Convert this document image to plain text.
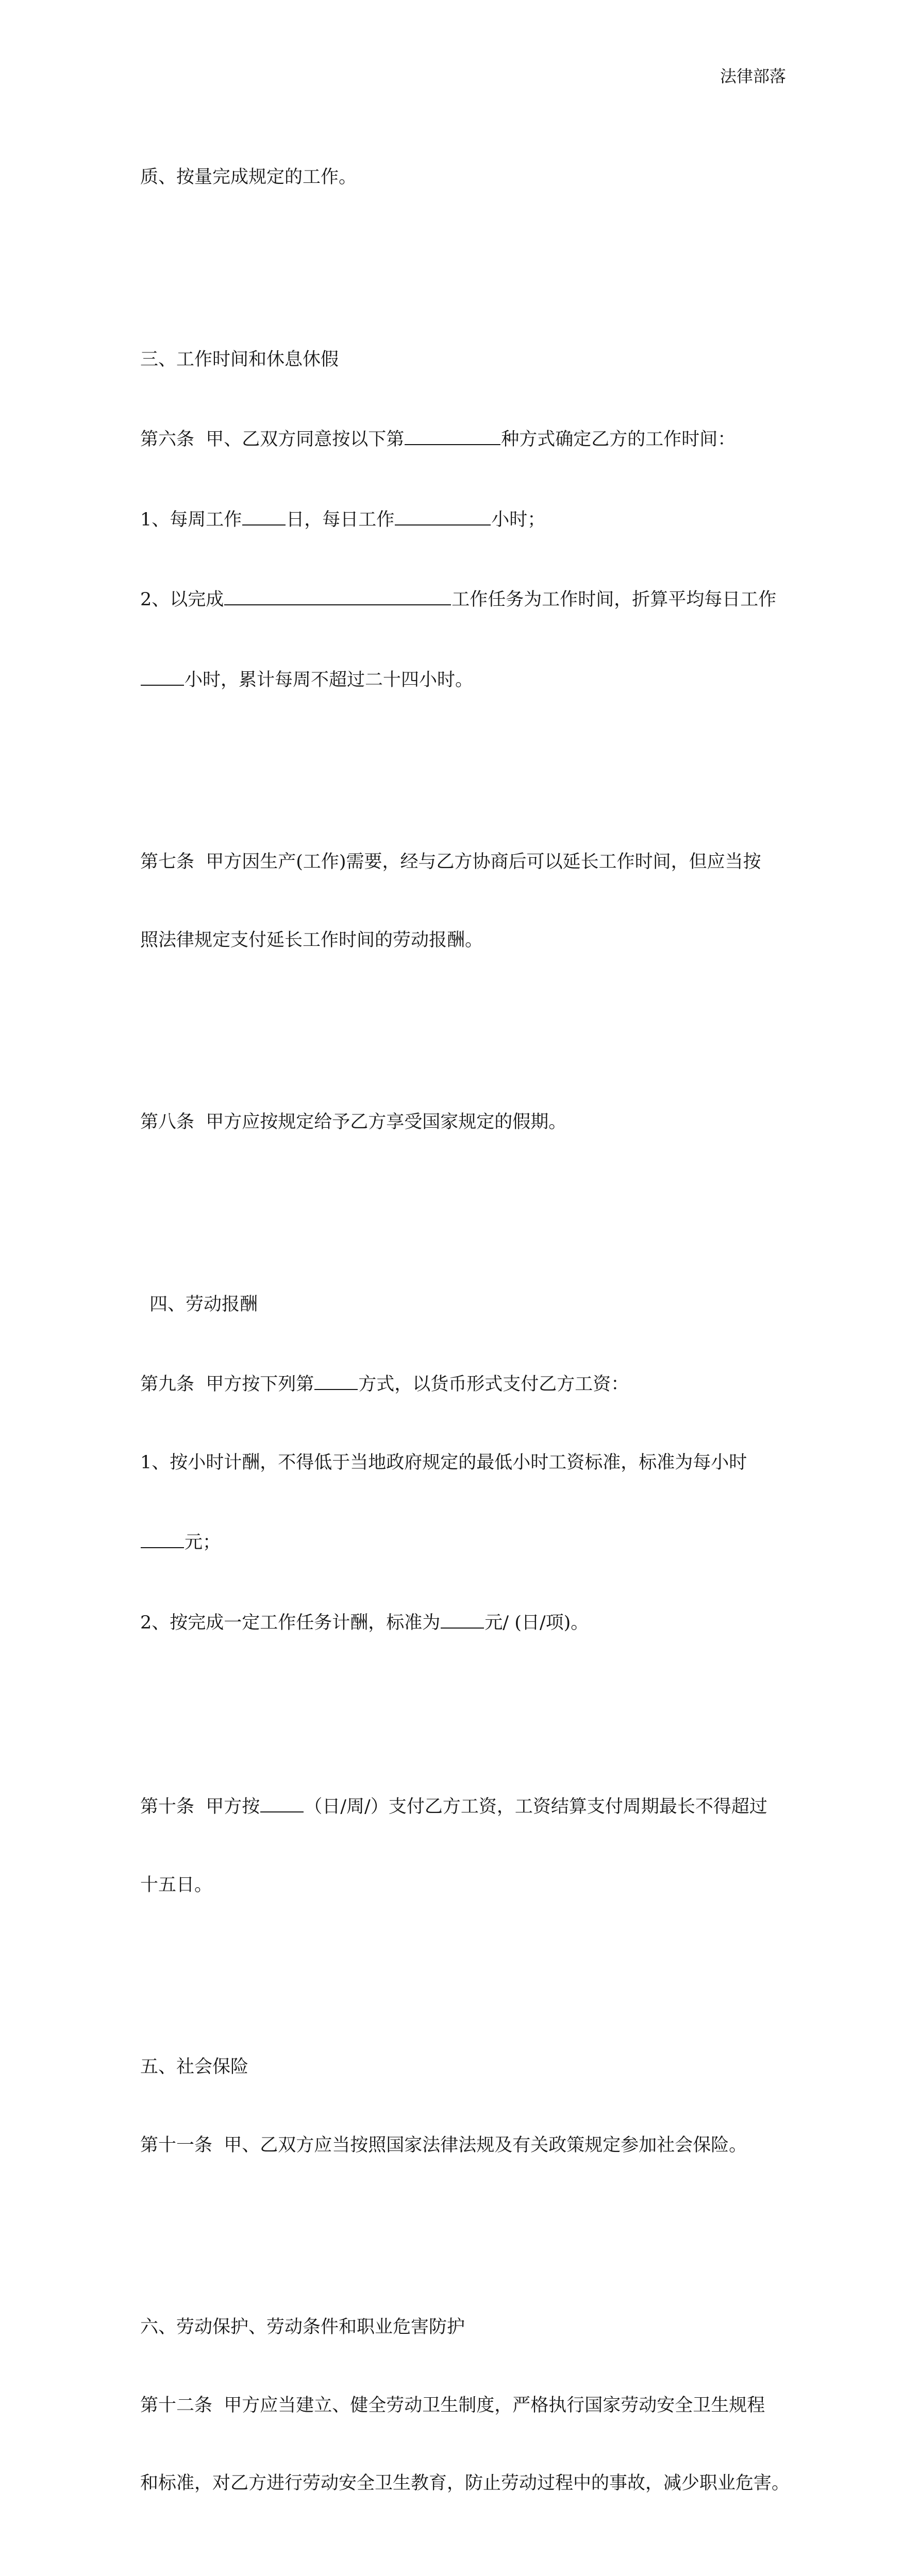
法律部落

质、按量完成规定的工作。

三、工作时间和休息休假

第六条  甲、乙双方同意按以下第	种方式确定乙方的工作时间：

1、每周工作 日，每日工作	小时；

2、以完成	工作任务为工作时间，折算平均每日工作

小时，累计每周不超过二十四小时。

第七条  甲方因生产(工作)需要，经与乙方协商后可以延长工作时间，但应当按

照法律规定支付延长工作时间的劳动报酬。

第八条  甲方应按规定给予乙方享受国家规定的假期。

四、劳动报酬

第九条  甲方按下列第 方式，以货币形式支付乙方工资：

1、按小时计酬，不得低于当地政府规定的最低小时工资标准，标准为每小时

元；

2、按完成一定工作任务计酬，标准为 元/ (日/项)。

第十条  甲方按 （日/周/）支付乙方工资，工资结算支付周期最长不得超过

十五日。

五、社会保险

第十一条  甲、乙双方应当按照国家法律法规及有关政策规定参加社会保险。

六、劳动保护、劳动条件和职业危害防护

第十二条  甲方应当建立、健全劳动卫生制度，严格执行国家劳动安全卫生规程

和标准，对乙方进行劳动安全卫生教育，防止劳动过程中的事故，减少职业危害。
